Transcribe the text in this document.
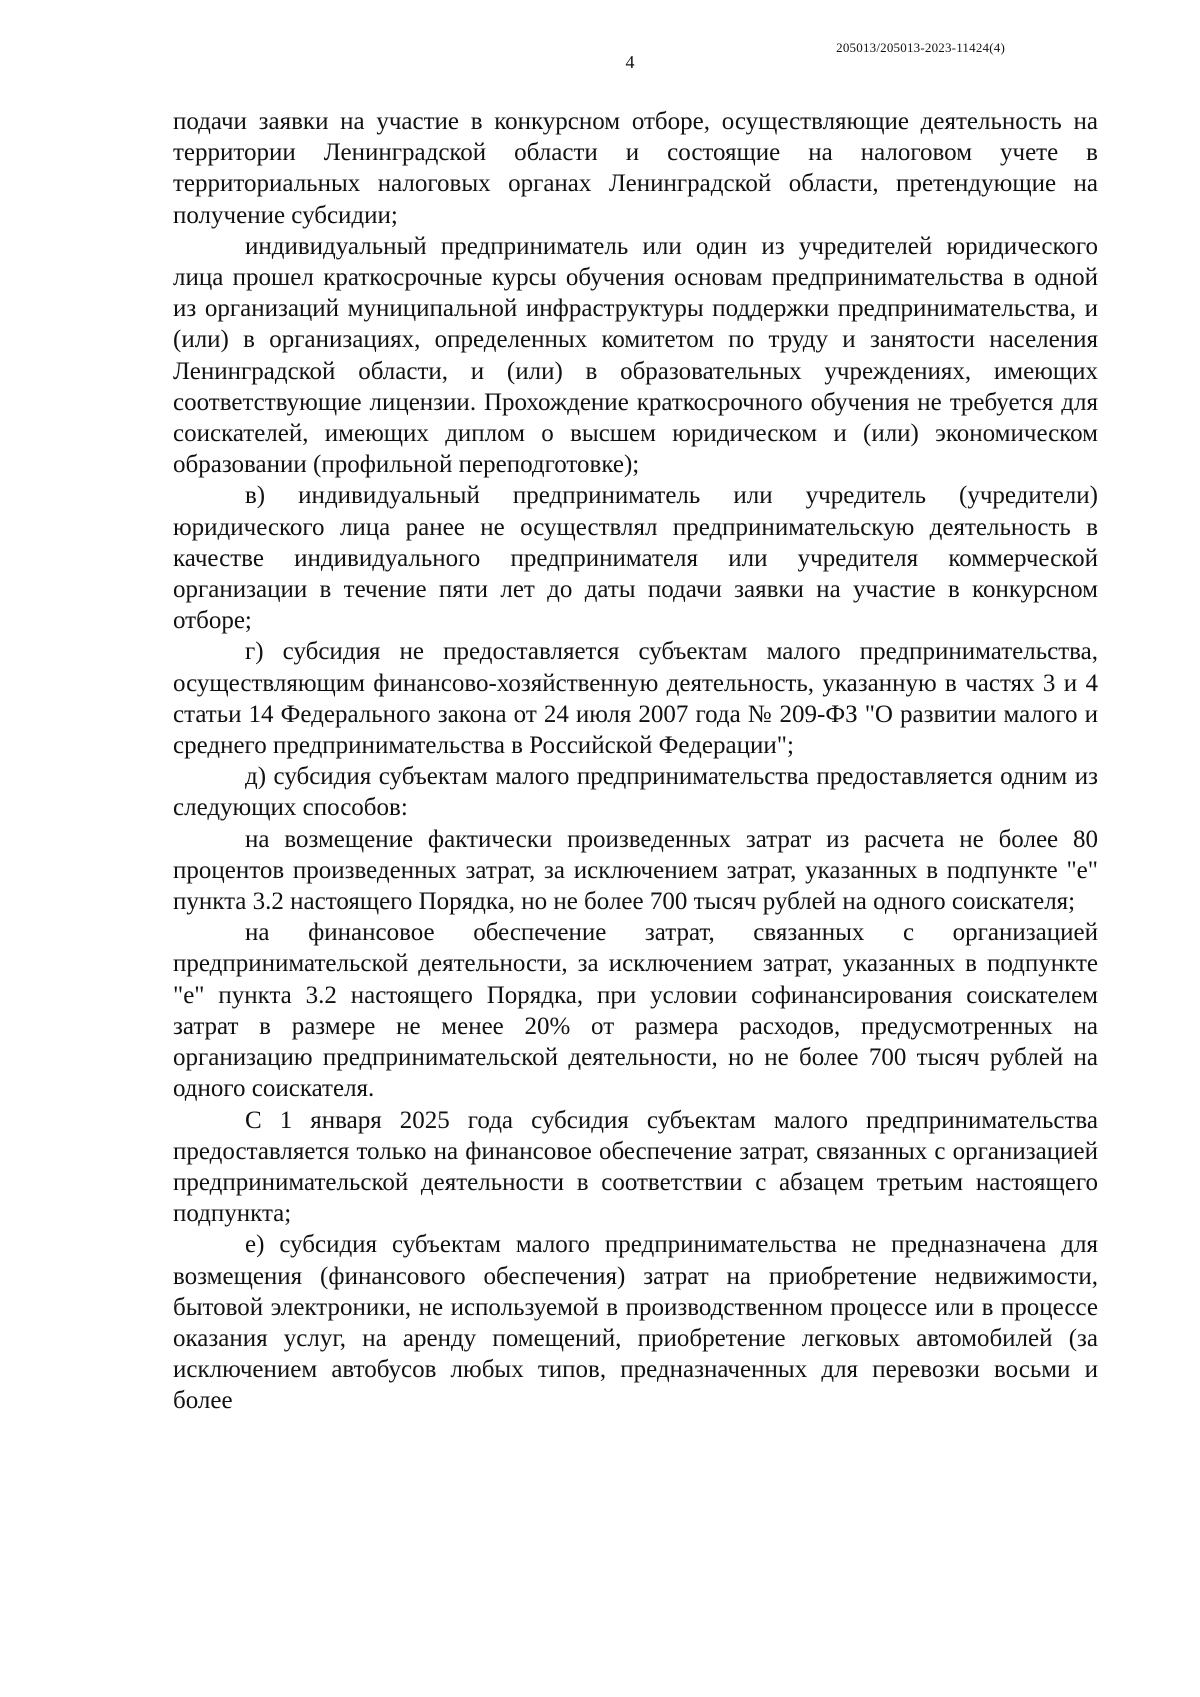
205013/205013-2023-11424(4)
4

подачи заявки на участие в конкурсном отборе, осуществляющие деятельность на территории Ленинградской области и состоящие на налоговом учете в территориальных налоговых органах Ленинградской области, претендующие на получение субсидии;

индивидуальный предприниматель или один из учредителей юридического лица прошел краткосрочные курсы обучения основам предпринимательства в одной из организаций муниципальной инфраструктуры поддержки предпринимательства, и (или) в организациях, определенных комитетом по труду и занятости населения Ленинградской области, и (или) в образовательных учреждениях, имеющих соответствующие лицензии. Прохождение краткосрочного обучения не требуется для соискателей, имеющих диплом о высшем юридическом и (или) экономическом образовании (профильной переподготовке);

в) индивидуальный предприниматель или учредитель (учредители) юридического лица ранее не осуществлял предпринимательскую деятельность в качестве индивидуального предпринимателя или учредителя коммерческой организации в течение пяти лет до даты подачи заявки на участие в конкурсном отборе;

г) субсидия не предоставляется субъектам малого предпринимательства, осуществляющим финансово-хозяйственную деятельность, указанную в частях 3 и 4 статьи 14 Федерального закона от 24 июля 2007 года № 209-ФЗ "О развитии малого и среднего предпринимательства в Российской Федерации";

д) субсидия субъектам малого предпринимательства предоставляется одним из следующих способов:

на возмещение фактически произведенных затрат из расчета не более 80 процентов произведенных затрат, за исключением затрат, указанных в подпункте "е" пункта 3.2 настоящего Порядка, но не более 700 тысяч рублей на одного соискателя;

на финансовое обеспечение затрат, связанных с организацией предпринимательской деятельности, за исключением затрат, указанных в подпункте "е" пункта 3.2 настоящего Порядка, при условии софинансирования соискателем затрат в размере не менее 20% от размера расходов, предусмотренных на организацию предпринимательской деятельности, но не более 700 тысяч рублей на одного соискателя.

С 1 января 2025 года субсидия субъектам малого предпринимательства предоставляется только на финансовое обеспечение затрат, связанных с организацией предпринимательской деятельности в соответствии с абзацем третьим настоящего подпункта;

е) субсидия субъектам малого предпринимательства не предназначена для возмещения (финансового обеспечения) затрат на приобретение недвижимости, бытовой электроники, не используемой в производственном процессе или в процессе оказания услуг, на аренду помещений, приобретение легковых автомобилей (за исключением автобусов любых типов, предназначенных для перевозки восьми и более
